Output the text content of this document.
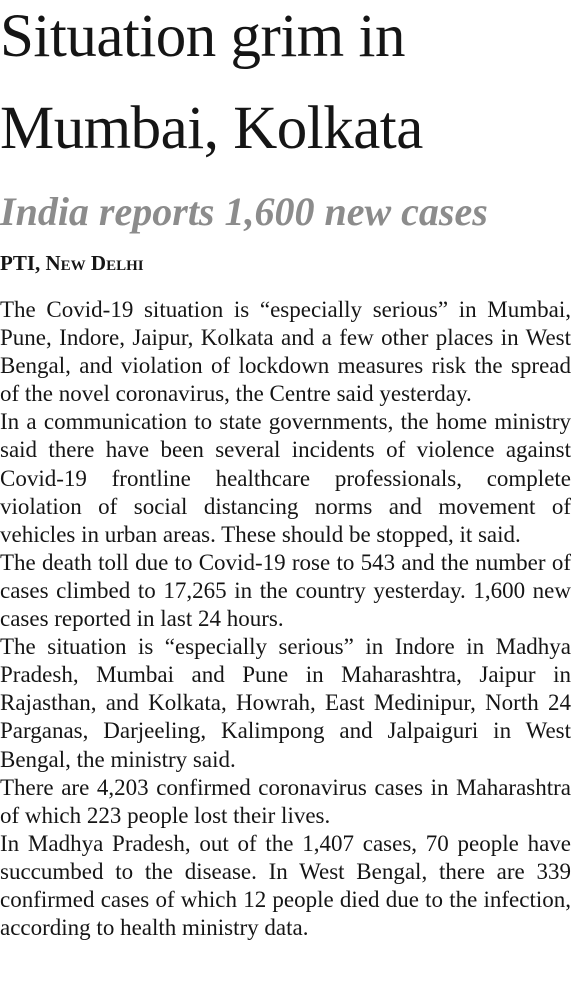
Situation grim in
Mumbai, Kolkata
India reports 1,600 new cases
PTI, New Delhi

The Covid-19 situation is “especially serious” in Mumbai, Pune, Indore, Jaipur, Kolkata and a few other places in West Bengal, and violation of lockdown measures risk the spread of the novel coronavirus, the Centre said yesterday.

In a communication to state governments, the home ministry said there have been several incidents of violence against Covid-19 frontline healthcare professionals, complete violation of social distancing norms and movement of vehicles in urban areas. These should be stopped, it said.

The death toll due to Covid-19 rose to 543 and the number of cases climbed to 17,265 in the country yesterday. 1,600 new cases reported in last 24 hours.

The situation is “especially serious” in Indore in Madhya Pradesh, Mumbai and Pune in Maharashtra, Jaipur in Rajasthan, and Kolkata, Howrah, East Medinipur, North 24 Parganas, Darjeeling, Kalimpong and Jalpaiguri in West Bengal, the ministry said.

There are 4,203 confirmed coronavirus cases in Maharashtra of which 223 people lost their lives.

In Madhya Pradesh, out of the 1,407 cases, 70 people have succumbed to the disease. In West Bengal, there are 339 confirmed cases of which 12 people died due to the infection, according to health ministry data.
